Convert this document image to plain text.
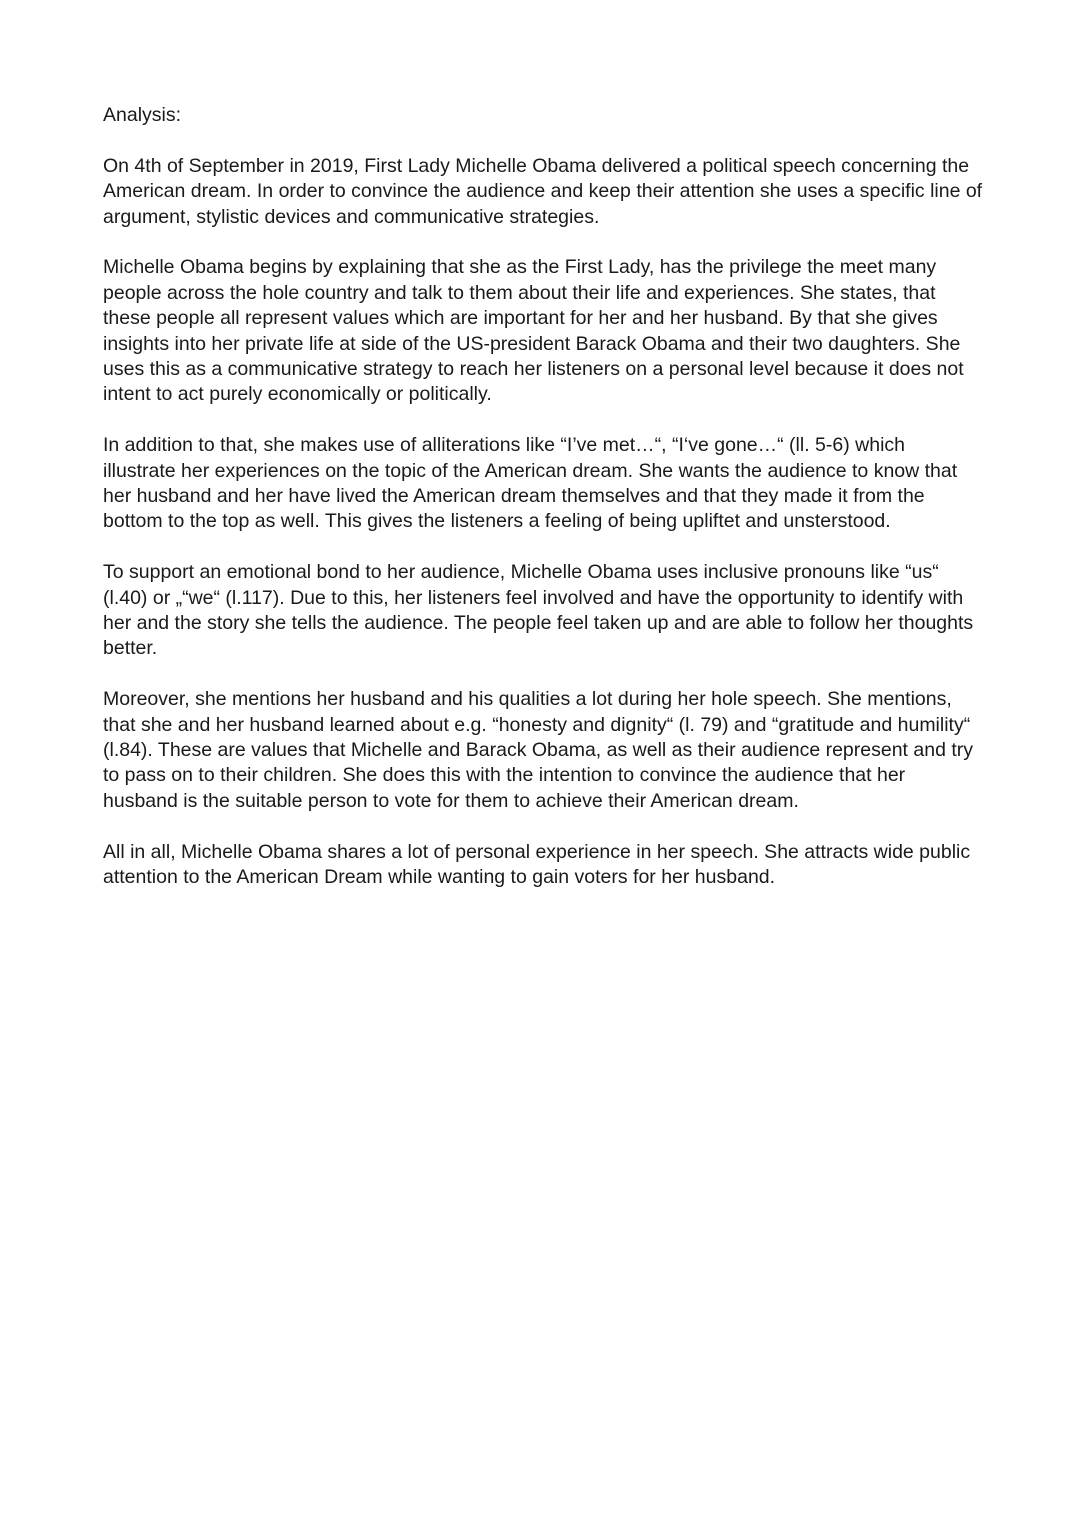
Analysis:

On 4th of September in 2019, First Lady Michelle Obama delivered a political speech concerning the American dream. In order to convince the audience and keep their attention she uses a specific line of argument, stylistic devices and communicative strategies.

Michelle Obama begins by explaining that she as the First Lady, has the privilege the meet many people across the hole country and talk to them about their life and experiences. She states, that these people all represent values which are important for her and her husband. By that she gives insights into her private life at side of the US-president Barack Obama and their two daughters. She uses this as a communicative strategy to reach her listeners on a personal level because it does not intent to act purely economically or politically.

In addition to that, she makes use of alliterations like “I’ve met…“, “I‘ve gone…“ (ll. 5-6) which illustrate her experiences on the topic of the American dream. She wants the audience to know that her husband and her have lived the American dream themselves and that they made it from the bottom to the top as well. This gives the listeners a feeling of being upliftet and unsterstood.

To support an emotional bond to her audience, Michelle Obama uses inclusive pronouns like “us“ (l.40) or „“we“ (l.117). Due to this, her listeners feel involved and have the opportunity to identify with her and the story she tells the audience. The people feel taken up and are able to follow her thoughts better.

Moreover, she mentions her husband and his qualities a lot during her hole speech. She mentions, that she and her husband learned about e.g. “honesty and dignity“ (l. 79) and “gratitude and humility“ (l.84). These are values that Michelle and Barack Obama, as well as their audience represent and try to pass on to their children. She does this with the intention to convince the audience that her husband is the suitable person to vote for them to achieve their American dream.

All in all, Michelle Obama shares a lot of personal experience in her speech. She attracts wide public attention to the American Dream while wanting to gain voters for her husband.
